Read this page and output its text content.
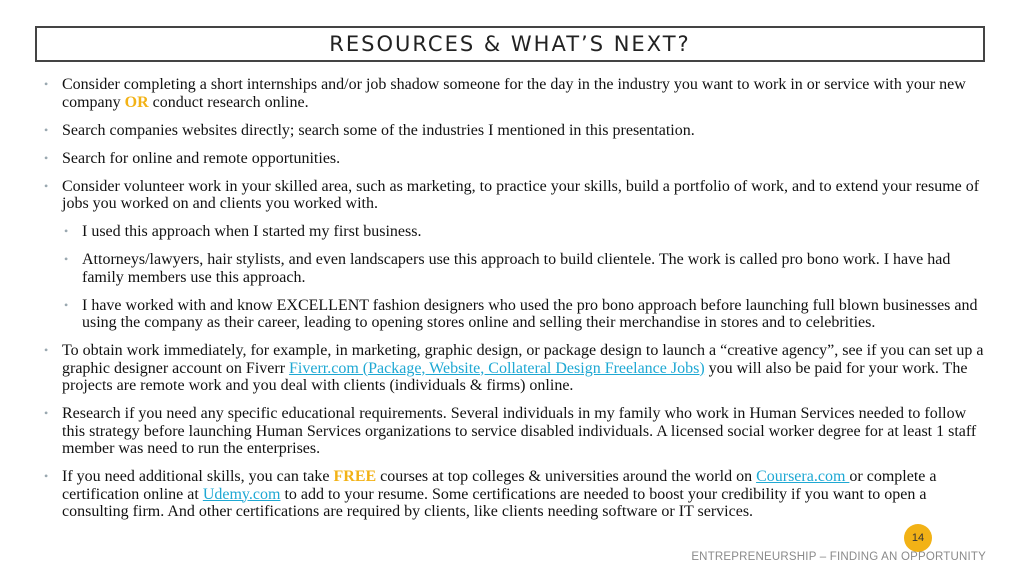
RESOURCES & WHAT’S NEXT?
• Consider completing a short internships and/or job shadow someone for the day in the industry you want to work in or service with your new company OR conduct research online.
• Search companies websites directly; search some of the industries I mentioned in this presentation.
• Search for online and remote opportunities.
• Consider volunteer work in your skilled area, such as marketing, to practice your skills, build a portfolio of work, and to extend your resume of jobs you worked on and clients you worked with.
• I used this approach when I started my first business.
• Attorneys/lawyers, hair stylists, and even landscapers use this approach to build clientele. The work is called pro bono work. I have had family members use this approach.
• I have worked with and know EXCELLENT fashion designers who used the pro bono approach before launching full blown businesses and using the company as their career, leading to opening stores online and selling their merchandise in stores and to celebrities.
• To obtain work immediately, for example, in marketing, graphic design, or package design to launch a “creative agency”, see if you can set up a graphic designer account on Fiverr Fiverr.com (Package, Website, Collateral Design Freelance Jobs) you will also be paid for your work. The projects are remote work and you deal with clients (individuals & firms) online.
• Research if you need any specific educational requirements. Several individuals in my family who work in Human Services needed to follow this strategy before launching Human Services organizations to service disabled individuals. A licensed social worker degree for at least 1 staff member was need to run the enterprises.
• If you need additional skills, you can take FREE courses at top colleges & universities around the world on Coursera.com or complete a certification online at Udemy.com to add to your resume. Some certifications are needed to boost your credibility if you want to open a consulting firm. And other certifications are required by clients, like clients needing software or IT services.
14
ENTREPRENEURSHIP – FINDING AN OPPORTUNITY
